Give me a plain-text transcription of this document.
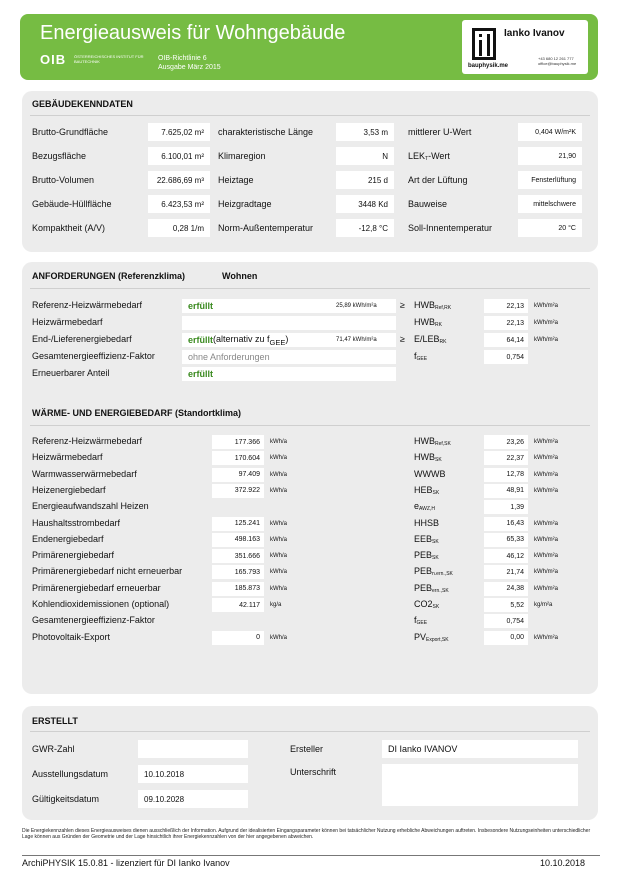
Energieausweis für Wohngebäude
OIB ÖSTERREICHISCHES INSTITUT FÜR BAUTECHNIK	OIB-Richtlinie 6
Ausgabe März 2015
Ianko Ivanov
bauphysik.me
+43 680 12 261 777
office@bauphysik.me
GEBÄUDEKENNDATEN
Brutto-Grundfläche	7.625,02 m²
Bezugsfläche	6.100,01 m²
Brutto-Volumen	22.686,69 m³
Gebäude-Hüllfläche	6.423,53 m²
Kompaktheit (A/V)	0,28 1/m
charakteristische Länge	3,53 m
Klimaregion	N
Heiztage	215 d
Heizgradtage	3448 Kd
Norm-Außentemperatur	-12,8 °C
mittlerer U-Wert	0,404 W/m²K
$LEK_T$-Wert	21,90
Art der Lüftung	Fensterlüftung
Bauweise	mittelschwere
Soll-Innentemperatur	20 °C
ANFORDERUNGEN (Referenzklima)	Wohnen
Referenz-Heizwärmebedarf	erfüllt	25,89 kWh/m²a	≥ $HWB_{Ref,RK}$	22,13	kWh/m²a
Heizwärmebedarf	$HWB_{RK}$	22,13	kWh/m²a
End-/Lieferenergiebedarf	erfüllt (alternativ zu $f_{GEE}$)	71,47 kWh/m²a	≥ $E/LEB_{RK}$	64,14	kWh/m²a
Gesamtenergieeffizienz-Faktor	ohne Anforderungen	$f_{GEE}$	0,754
Erneuerbarer Anteil	erfüllt
WÄRME- UND ENERGIEBEDARF (Standortklima)
Referenz-Heizwärmebedarf	177.366	kWh/a	$HWB_{Ref,SK}$	23,26	kWh/m²a
Heizwärmebedarf	170.604	kWh/a	$HWB_{SK}$	22,37	kWh/m²a
Warmwasserwärmebedarf	97.409	kWh/a	WWWB	12,78	kWh/m²a
Heizenergiebedarf	372.922	kWh/a	$HEB_{SK}$	48,91	kWh/m²a
Energieaufwandszahl Heizen	$e_{AWZ,H}$	1,39
Haushaltsstrombedarf	125.241	kWh/a	HHSB	16,43	kWh/m²a
Endenergiebedarf	498.163	kWh/a	$EEB_{SK}$	65,33	kWh/m²a
Primärenergiebedarf	351.666	kWh/a	$PEB_{SK}$	46,12	kWh/m²a
Primärenergiebedarf nicht erneuerbar	165.793	kWh/a	$PEB_{n.ern.,SK}$	21,74	kWh/m²a
Primärenergiebedarf erneuerbar	185.873	kWh/a	$PEB_{ern.,SK}$	24,38	kWh/m²a
Kohlendioxidemissionen (optional)	42.117	kg/a	$CO2_{SK}$	5,52	kg/m²a
Gesamtenergieeffizienz-Faktor	$f_{GEE}$	0,754
Photovoltaik-Export	0	kWh/a	$PV_{Export,SK}$	0,00	kWh/m²a
ERSTELLT
GWR-Zahl
Ausstellungsdatum	10.10.2018
Gültigkeitsdatum	09.10.2028
Ersteller	DI Ianko IVANOV
Unterschrift
Die Energiekennzahlen dieses Energieausweises dienen ausschließlich der Information. Aufgrund der idealisierten Eingangsparameter können bei tatsächlicher Nutzung erhebliche Abweichungen auftreten. Insbesondere Nutzungseinheiten unterschiedlicher Lage können aus Gründen der Geometrie und der Lage hinsichtlich ihrer Energiekennzahlen von der hier angegebenen abweichen.
ArchiPHYSIK 15.0.81 - lizenziert für DI Ianko Ivanov	10.10.2018
